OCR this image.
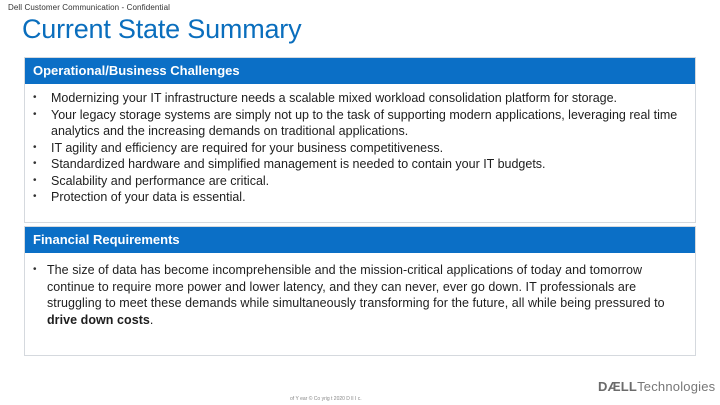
Dell Customer Communication - Confidential
Current State Summary
Operational/Business Challenges
• Modernizing your IT infrastructure needs a scalable mixed workload consolidation platform for storage.
• Your legacy storage systems are simply not up to the task of supporting modern applications, leveraging real time analytics and the increasing demands on traditional applications.
• IT agility and efficiency are required for your business competitiveness.
• Standardized hardware and simplified management is needed to contain your IT budgets.
• Scalability and performance are critical.
• Protection of your data is essential.
Financial Requirements
• The size of data has become incomprehensible and the mission-critical applications of today and tomorrow continue to require more power and lower latency, and they can never, ever go down. IT professionals are struggling to meet these demands while simultaneously transforming for the future, all while being pressured to drive down costs.
of Y ear © Co yrig t 2020 D ll I c.
DÆLLTechnologies
